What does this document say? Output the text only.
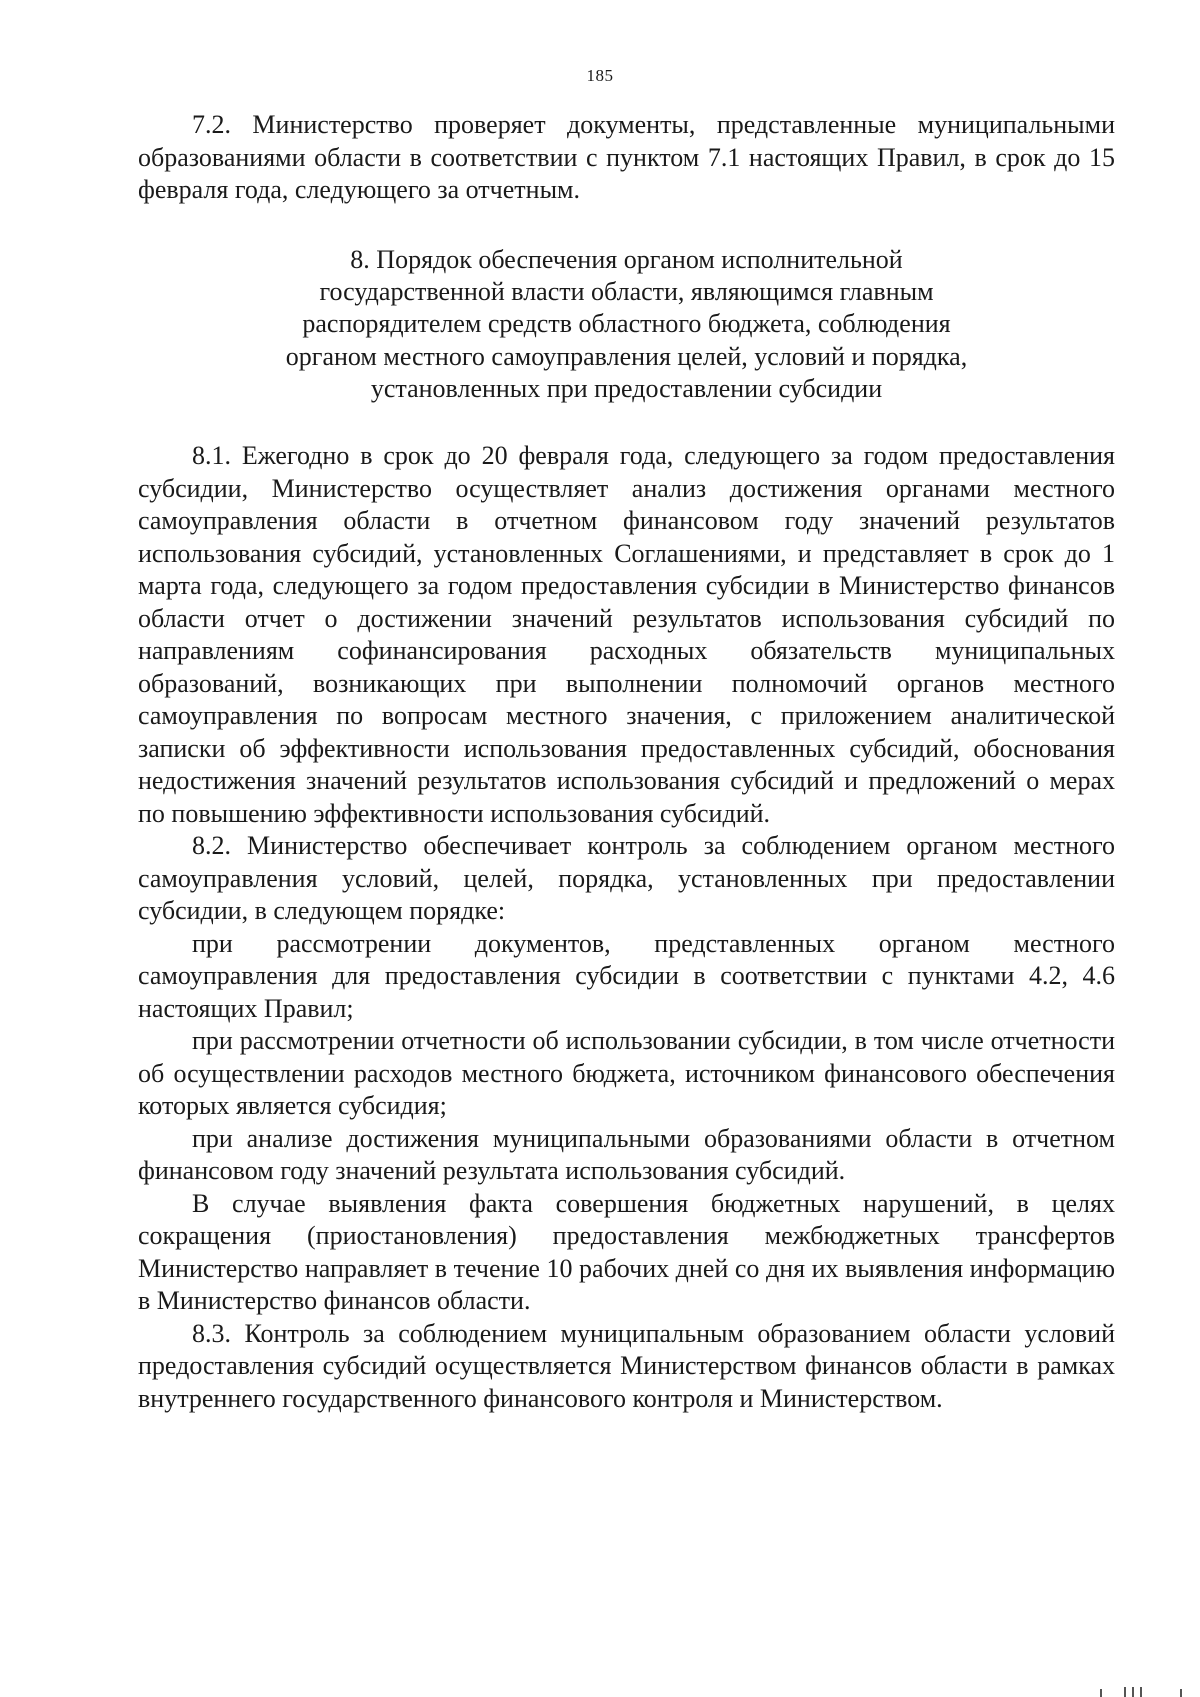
185

7.2. Министерство проверяет документы, представленные муниципальными образованиями области в соответствии с пунктом 7.1 настоящих Правил, в срок до 15 февраля года, следующего за отчетным.

8. Порядок обеспечения органом исполнительной
государственной власти области, являющимся главным
распорядителем средств областного бюджета, соблюдения
органом местного самоуправления целей, условий и порядка,
установленных при предоставлении субсидии

8.1. Ежегодно в срок до 20 февраля года, следующего за годом предоставления субсидии, Министерство осуществляет анализ достижения органами местного самоуправления области в отчетном финансовом году значений результатов использования субсидий, установленных Соглашениями, и представляет в срок до 1 марта года, следующего за годом предоставления субсидии в Министерство финансов области отчет о достижении значений результатов использования субсидий по направлениям софинансирования расходных обязательств муниципальных образований, возникающих при выполнении полномочий органов местного самоуправления по вопросам местного значения, с приложением аналитической записки об эффективности использования предоставленных субсидий, обоснования недостижения значений результатов использования субсидий и предложений о мерах по повышению эффективности использования субсидий.

8.2. Министерство обеспечивает контроль за соблюдением органом местного самоуправления условий, целей, порядка, установленных при предоставлении субсидии, в следующем порядке:

при рассмотрении документов, представленных органом местного самоуправления для предоставления субсидии в соответствии с пунктами 4.2, 4.6 настоящих Правил;

при рассмотрении отчетности об использовании субсидии, в том числе отчетности об осуществлении расходов местного бюджета, источником финансового обеспечения которых является субсидия;

при анализе достижения муниципальными образованиями области в отчетном финансовом году значений результата использования субсидий.

В случае выявления факта совершения бюджетных нарушений, в целях сокращения (приостановления) предоставления межбюджетных трансфертов Министерство направляет в течение 10 рабочих дней со дня их выявления информацию в Министерство финансов области.

8.3. Контроль за соблюдением муниципальным образованием области условий предоставления субсидий осуществляется Министерством финансов области в рамках внутреннего государственного финансового контроля и Министерством.
